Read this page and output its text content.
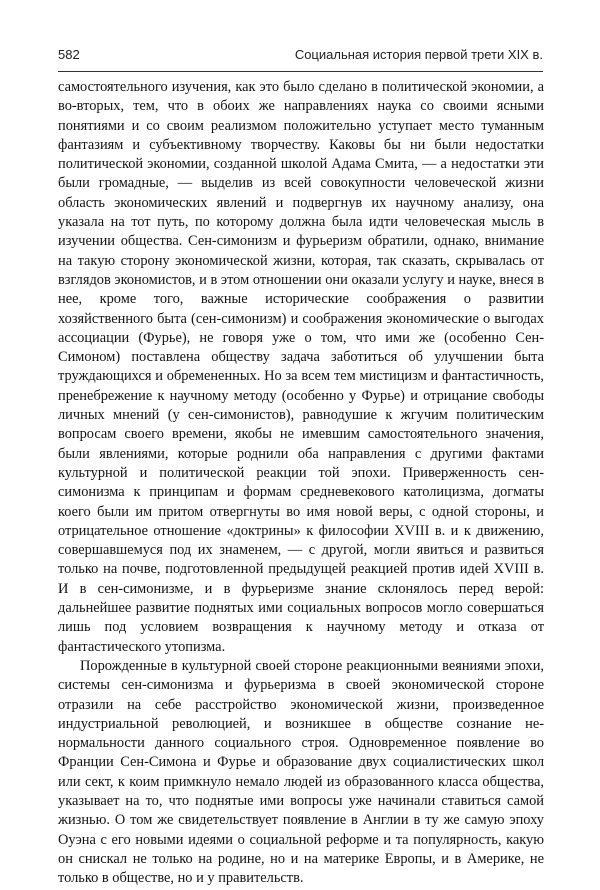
582	Социальная история первой трети XIX в.

самостоятельного изучения, как это было сделано в политической экономии, а во-вторых, тем, что в обоих же направлениях наука со своими ясными понятиями и со своим реализмом положительно уступает место туманным фантазиям и субъективному творчеству. Каковы бы ни были недостатки политической экономии, созданной школой Адама Смита, — а недостатки эти были громадные, — выделив из всей совокупности человеческой жизни область экономических явлений и подвергнув их научному анализу, она указала на тот путь, по которому должна была идти человеческая мысль в изучении общества. Сен-симонизм и фурьеризм обратили, однако, внимание на такую сторону экономической жизни, которая, так сказать, скрывалась от взглядов экономистов, и в этом отношении они оказали услугу и науке, внеся в нее, кроме того, важные исторические соображения о развитии хозяйственного быта (сен-симонизм) и соображения экономические о выгодах ассоциации (Фурье), не говоря уже о том, что ими же (особенно Сен-Симоном) поставлена обществу задача заботиться об улучшении быта труждающихся и обремененных. Но за всем тем мистицизм и фантастичность, пренебрежение к научному методу (особенно у Фурье) и отрицание свободы личных мнений (у сен-симонистов), равнодушие к жгучим политическим вопросам своего времени, якобы не имевшим самостоятельного значения, были явлениями, которые роднили оба направления с другими фактами культурной и политической реакции той эпохи. Приверженность сен-симонизма к принципам и формам средневекового католицизма, догматы коего были им притом отвергнуты во имя новой веры, с одной стороны, и отрицательное отношение «доктрины» к философии XVIII в. и к движению, совершавшемуся под их знаменем, — с другой, могли явиться и развиться только на почве, подготовленной предыдущей реакцией против идей XVIII в. И в сен-симонизме, и в фурьеризме знание склонялось перед верой: дальнейшее развитие поднятых ими социальных вопросов могло совершаться лишь под условием возвращения к научному методу и отказа от фантастического утопизма.

Порожденные в культурной своей стороне реакционными веяниями эпохи, системы сен-симонизма и фурьеризма в своей экономической стороне отразили на себе расстройство экономической жизни, произведенное индустриальной революцией, и возникшее в обществе сознание ненормальности данного социального строя. Одновременное появление во Франции Сен-Симона и Фурье и образование двух социалистических школ или сект, к коим примкнуло немало людей из образованного класса общества, указывает на то, что поднятые ими вопросы уже начинали ставиться самой жизнью. О том же свидетельствует появление в Англии в ту же самую эпоху Оуэна с его новыми идеями о социальной реформе и та популярность, какую он снискал не только на родине, но и на материке Европы, и в Америке, не только в обществе, но и у правительств.
